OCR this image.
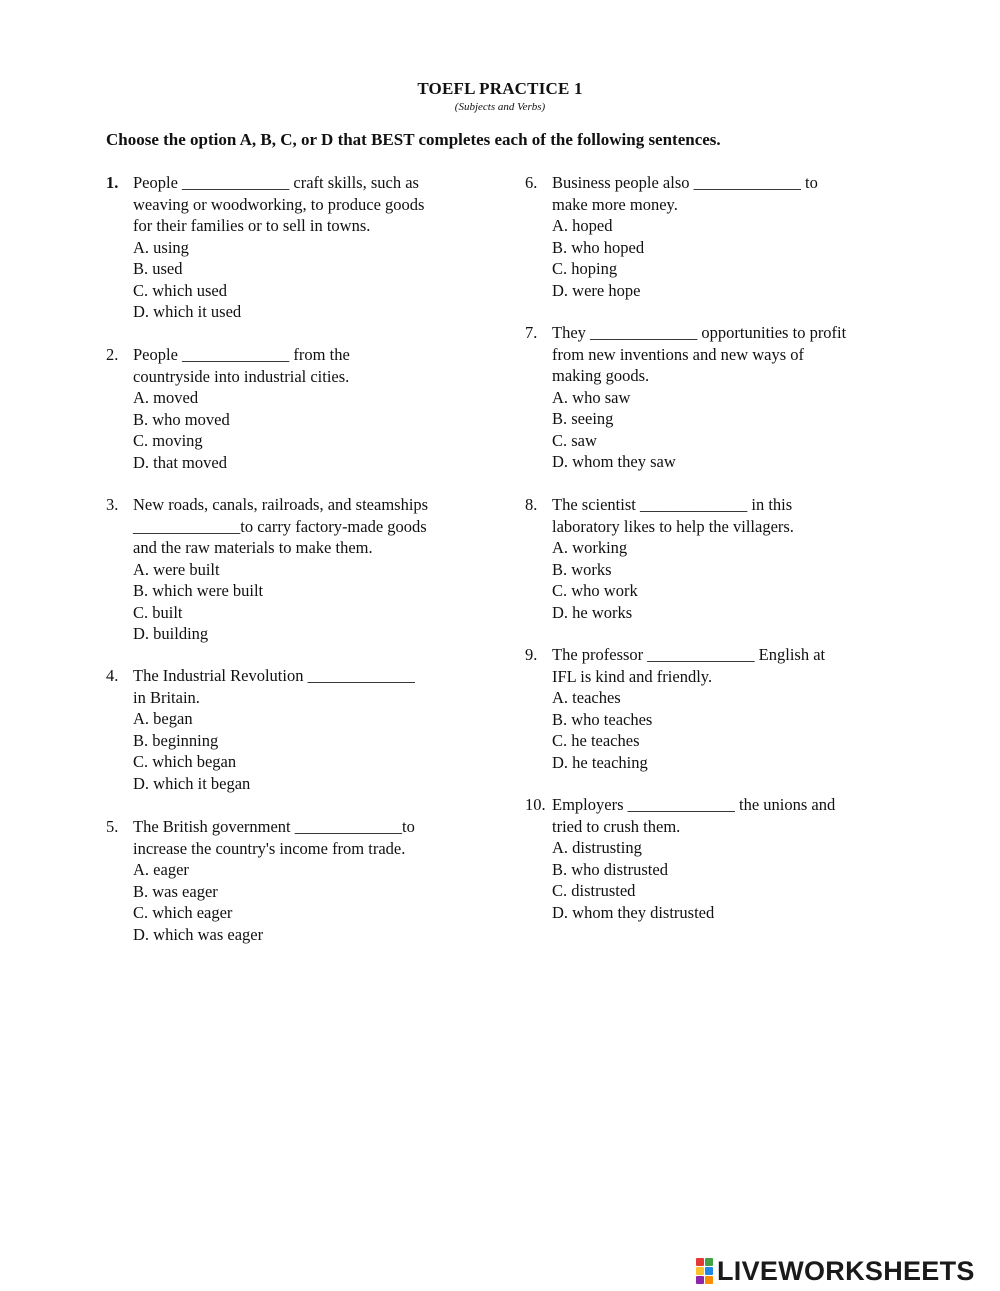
TOEFL PRACTICE 1
(Subjects and Verbs)
Choose the option A, B, C, or D that BEST completes each of the following sentences.
1. People _____________ craft skills, such as
weaving or woodworking, to produce goods
for their families or to sell in towns.
A. using
B. used
C. which used
D. which it used
2. People _____________ from the
countryside into industrial cities.
A. moved
B. who moved
C. moving
D. that moved
3. New roads, canals, railroads, and steamships
_____________to carry factory-made goods
and the raw materials to make them.
A. were built
B. which were built
C. built
D. building
4. The Industrial Revolution _____________
in Britain.
A. began
B. beginning
C. which began
D. which it began
5. The British government _____________to
increase the country's income from trade.
A. eager
B. was eager
C. which eager
D. which was eager
6. Business people also _____________ to
make more money.
A. hoped
B. who hoped
C. hoping
D. were hope
7. They _____________ opportunities to profit
from new inventions and new ways of
making goods.
A. who saw
B. seeing
C. saw
D. whom they saw
8. The scientist _____________ in this
laboratory likes to help the villagers.
A. working
B. works
C. who work
D. he works
9. The professor _____________ English at
IFL is kind and friendly.
A. teaches
B. who teaches
C. he teaches
D. he teaching
10. Employers _____________ the unions and
tried to crush them.
A. distrusting
B. who distrusted
C. distrusted
D. whom they distrusted
LIVEWORKSHEETS
